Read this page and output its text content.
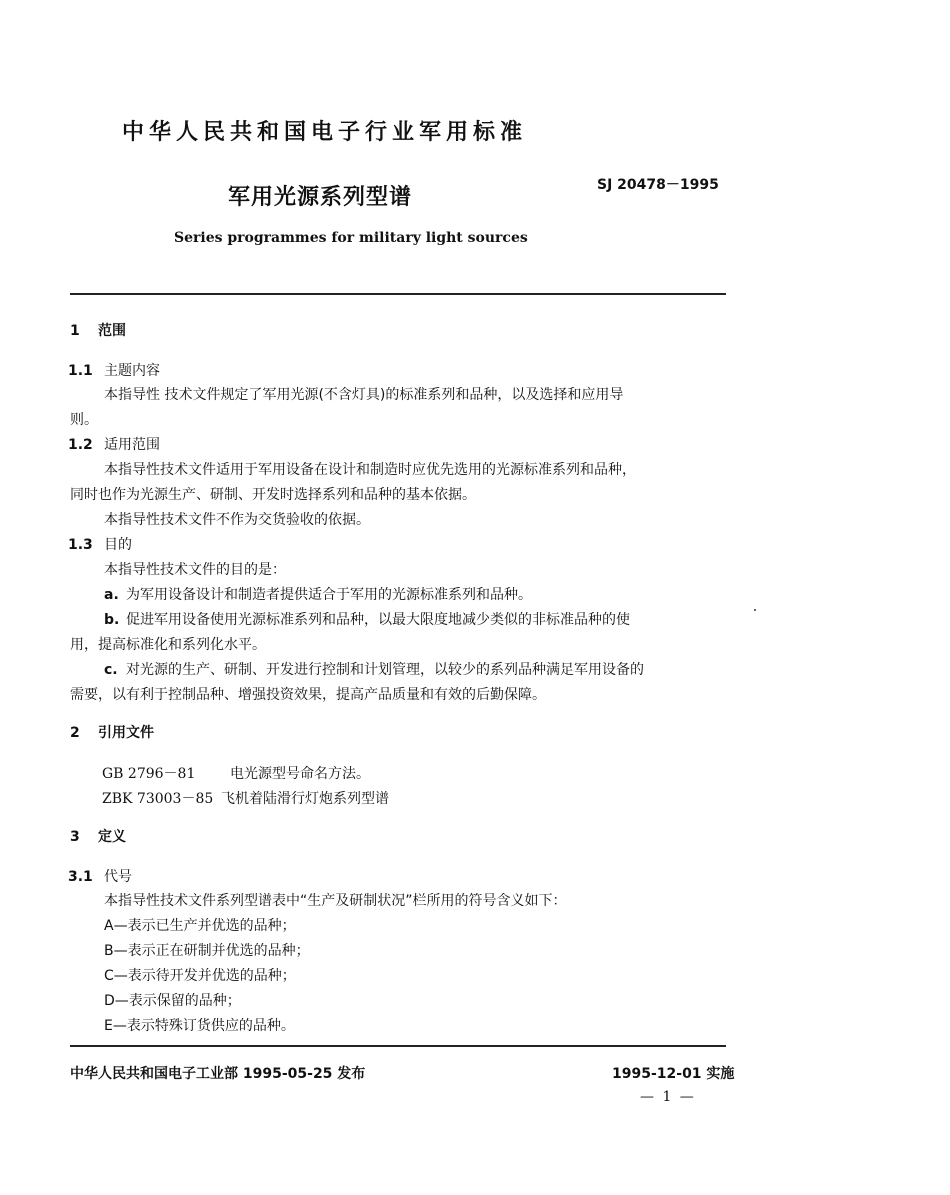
中华人民共和国电子行业军用标准
军用光源系列型谱	SJ 20478－1995
Series programmes for military light sources
1 范围
1.1 主题内容
本指导性 技术文件规定了军用光源(不含灯具)的标准系列和品种，以及选择和应用导
则。
1.2 适用范围
本指导性技术文件适用于军用设备在设计和制造时应优先选用的光源标准系列和品种，
同时也作为光源生产、研制、开发时选择系列和品种的基本依据。
本指导性技术文件不作为交货验收的依据。
1.3 目的
本指导性技术文件的目的是：
a. 为军用设备设计和制造者提供适合于军用的光源标准系列和品种。
b. 促进军用设备使用光源标准系列和品种，以最大限度地减少类似的非标准品种的使
用，提高标准化和系列化水平。
c. 对光源的生产、研制、开发进行控制和计划管理，以较少的系列品种满足军用设备的
需要，以有利于控制品种、增强投资效果，提高产品质量和有效的后勤保障。
2 引用文件
GB 2796－81 电光源型号命名方法。
ZBK 73003－85 飞机着陆滑行灯炮系列型谱
3 定义
3.1 代号
本指导性技术文件系列型谱表中“生产及研制状况”栏所用的符号含义如下：
A—表示已生产并优选的品种；
B—表示正在研制并优选的品种；
C—表示待开发并优选的品种；
D—表示保留的品种；
E—表示特殊订货供应的品种。
中华人民共和国电子工业部 1995-05-25 发布	1995-12-01 实施
— 1 —
